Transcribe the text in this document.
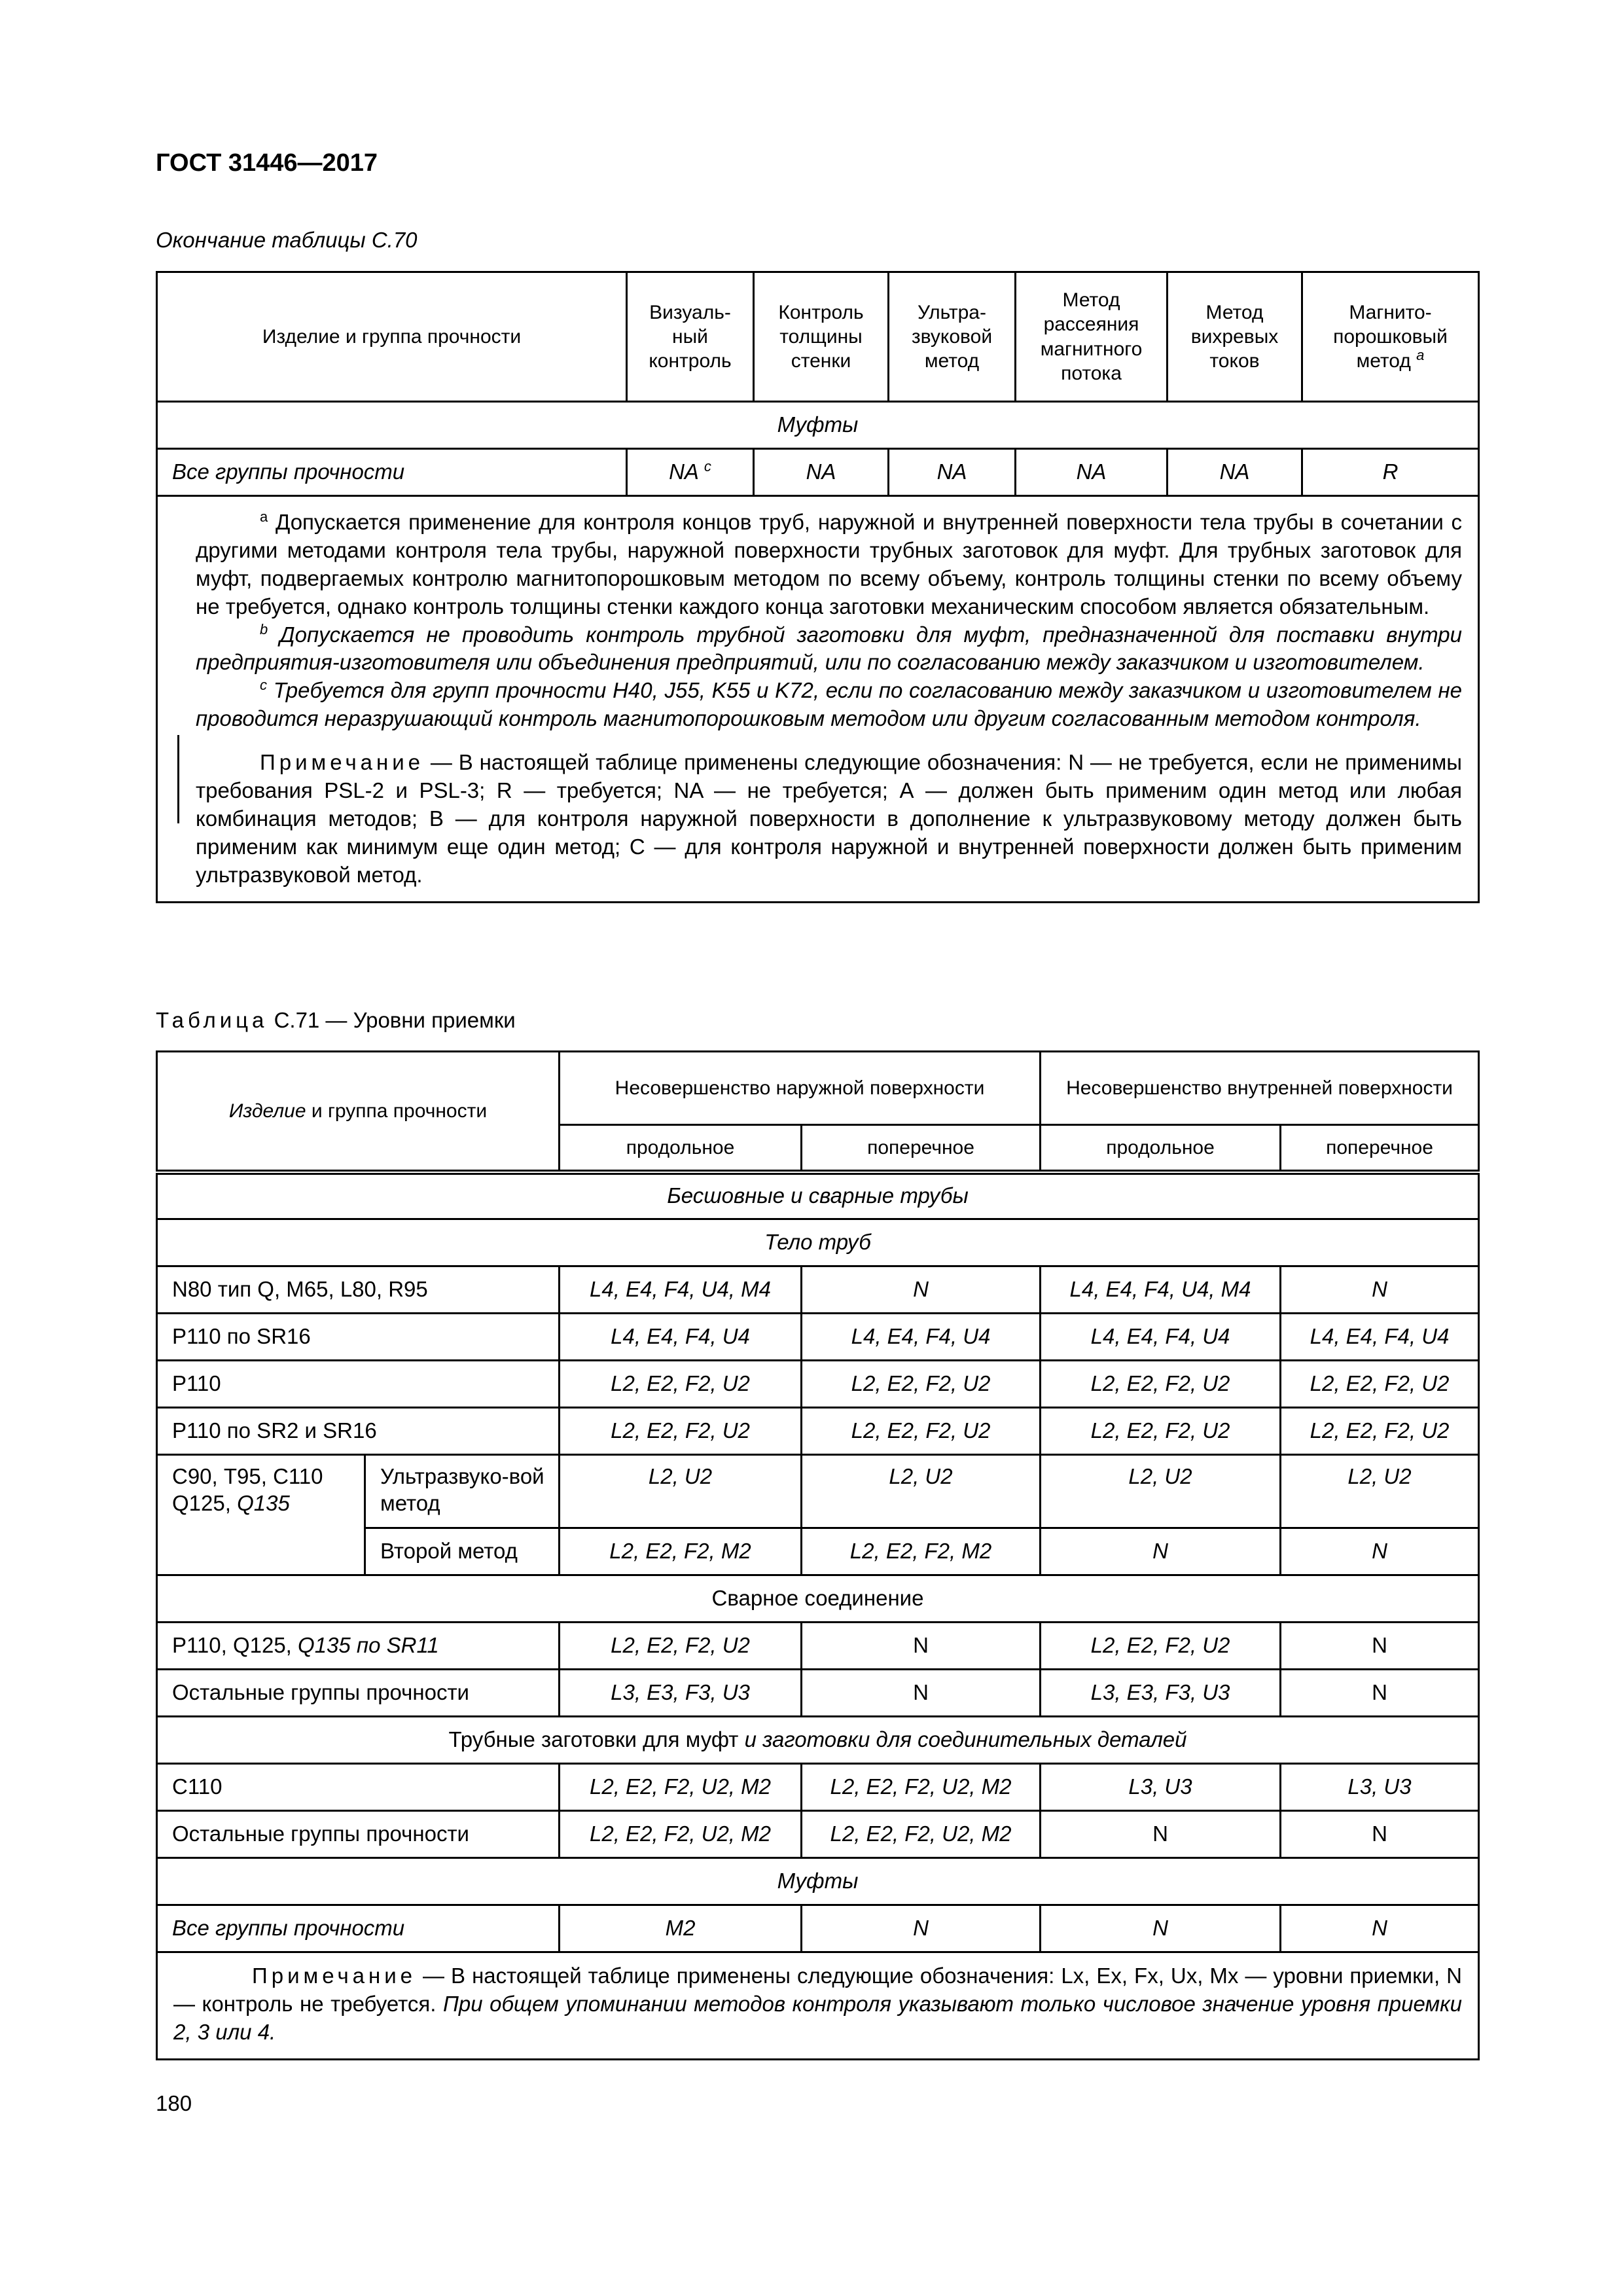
ГОСТ 31446—2017
Окончание таблицы С.70
Изделие и группа прочности	Визуаль-ный контроль	Контроль толщины стенки	Ультра-звуковой метод	Метод рассеяния магнитного потока	Метод вихревых токов	Магнито-порошковый метод $^а$
Муфты						
Все группы прочности	NA $^c$	NA	NA	NA	NA	R

$^а$ Допускается применение для контроля концов труб, наружной и внутренней поверхности тела трубы в сочетании с другими методами контроля тела трубы, наружной поверхности трубных заготовок для муфт. Для трубных заготовок для муфт, подвергаемых контролю магнитопорошковым методом по всему объему, контроль толщины стенки по всему объему не требуется, однако контроль толщины стенки каждого конца заготовки механическим способом является обязательным.

$^b$ Допускается не проводить контроль трубной заготовки для муфт, предназначенной для поставки внутри предприятия-изготовителя или объединения предприятий, или по согласованию между заказчиком и изготовителем.

$^с$ Требуется для групп прочности Н40, J55, K55 и K72, если по согласованию между заказчиком и изготовителем не проводится неразрушающий контроль магнитопорошковым методом или другим согласованным методом контроля.

Примечание — В настоящей таблице применены следующие обозначения: N — не требуется, если не применимы требования PSL-2 и PSL-3; R — требуется; NA — не требуется; А — должен быть применим один метод или любая комбинация методов; В — для контроля наружной поверхности в дополнение к ультразвуковому методу должен быть применим как минимум еще один метод; С — для контроля наружной и внутренней поверхности должен быть применим ультразвуковой метод.						

Таблица С.71 — Уровни приемки
Изделие и группа прочности		Несовершенство наружной поверхности		Несовершенство внутренней поверхности	
		продольное	поперечное	продольное	поперечное
Бесшовные и сварные трубы					
Тело труб					
N80 тип Q, M65, L80, R95		L4, E4, F4, U4, M4	N	L4, E4, F4, U4, M4	N
Р110 по SR16		L4, E4, F4, U4	L4, E4, F4, U4	L4, E4, F4, U4	L4, E4, F4, U4
Р110		L2, E2, F2, U2	L2, E2, F2, U2	L2, E2, F2, U2	L2, E2, F2, U2
Р110 по SR2 и SR16		L2, E2, F2, U2	L2, E2, F2, U2	L2, E2, F2, U2	L2, E2, F2, U2
С90, Т95, С110
Q125, Q135	Ультразвуко-вой метод	L2, U2	L2, U2	L2, U2	L2, U2
	Второй метод	L2, E2, F2, M2	L2, E2, F2, M2	N	N
Сварное соединение					
Р110, Q125, Q135 по SR11		L2, E2, F2, U2	N	L2, E2, F2, U2	N
Остальные группы прочности		L3, E3, F3, U3	N	L3, E3, F3, U3	N
Трубные заготовки для муфт и заготовки для соединительных деталей					
С110		L2, E2, F2, U2, M2	L2, E2, F2, U2, M2	L3, U3	L3, U3
Остальные группы прочности		L2, E2, F2, U2, M2	L2, E2, F2, U2, M2	N	N
Муфты					
Все группы прочности		M2	N	N	N

Примечание — В настоящей таблице применены следующие обозначения: Lx, Ex, Fx, Ux, Mx — уровни приемки, N — контроль не требуется. При общем упоминании методов контроля указывают только числовое значение уровня приемки 2, 3 или 4.					

180
